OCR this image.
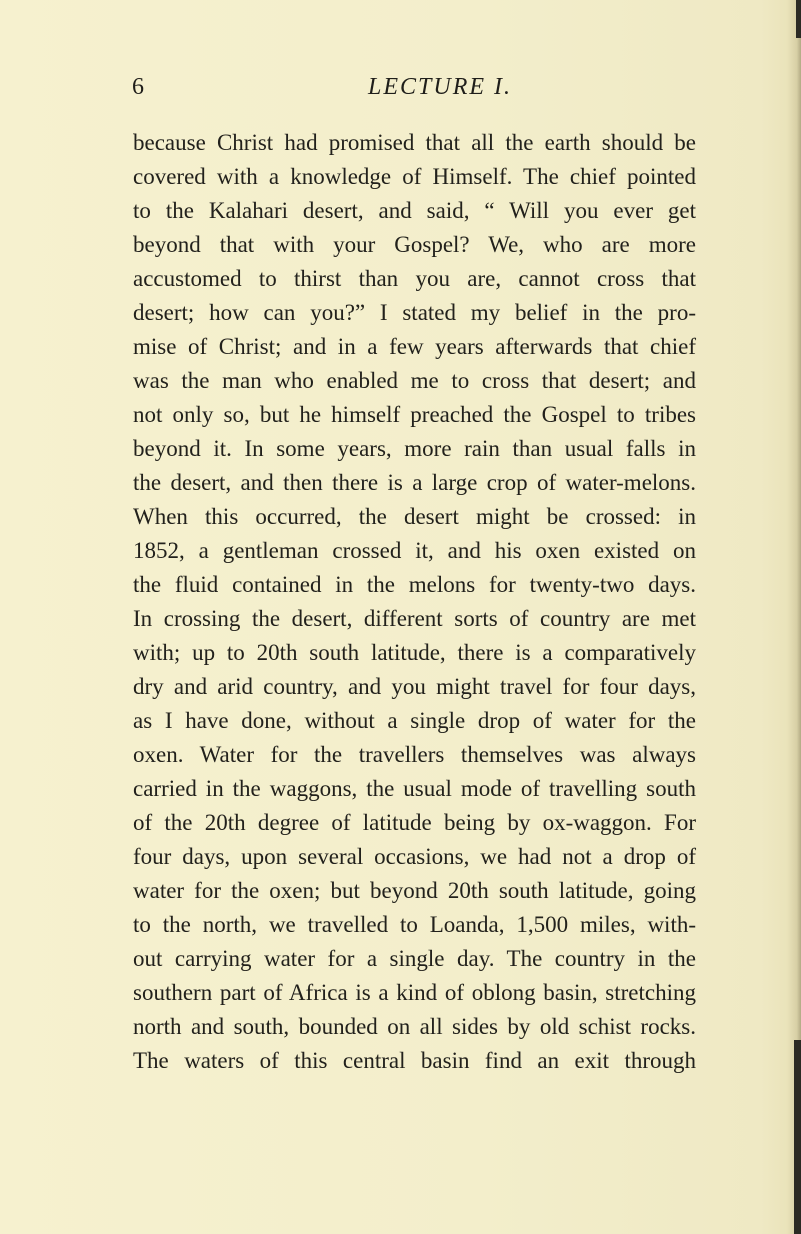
6	LECTURE I.
because Christ had promised that all the earth should be
covered with a knowledge of Himself. The chief pointed
to the Kalahari desert, and said, “ Will you ever get
beyond that with your Gospel? We, who are more
accustomed to thirst than you are, cannot cross that
desert; how can you?” I stated my belief in the pro-
mise of Christ; and in a few years afterwards that chief
was the man who enabled me to cross that desert; and
not only so, but he himself preached the Gospel to tribes
beyond it. In some years, more rain than usual falls in
the desert, and then there is a large crop of water-melons.
When this occurred, the desert might be crossed: in
1852, a gentleman crossed it, and his oxen existed on
the fluid contained in the melons for twenty-two days.
In crossing the desert, different sorts of country are met
with; up to 20th south latitude, there is a comparatively
dry and arid country, and you might travel for four days,
as I have done, without a single drop of water for the
oxen. Water for the travellers themselves was always
carried in the waggons, the usual mode of travelling south
of the 20th degree of latitude being by ox-waggon. For
four days, upon several occasions, we had not a drop of
water for the oxen; but beyond 20th south latitude, going
to the north, we travelled to Loanda, 1,500 miles, with-
out carrying water for a single day. The country in the
southern part of Africa is a kind of oblong basin, stretching
north and south, bounded on all sides by old schist rocks.
The waters of this central basin find an exit through
